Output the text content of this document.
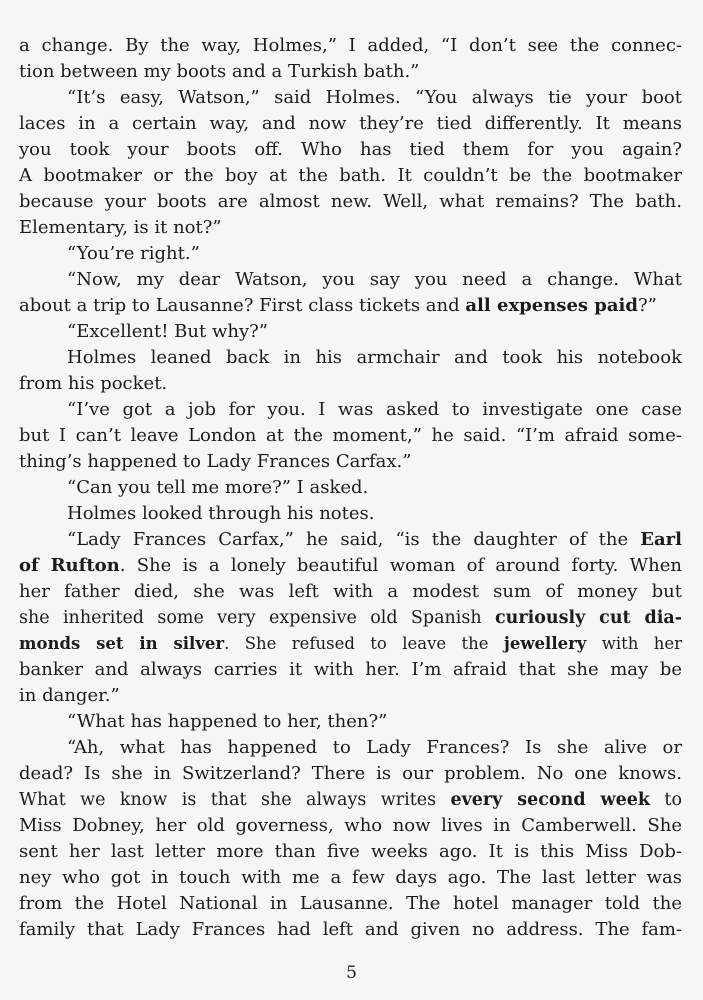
a change. By the way, Holmes,” I added, “I don’t see the connec-
tion between my boots and a Turkish bath.”
“It’s easy, Watson,” said Holmes. “You always tie your boot
laces in a certain way, and now they’re tied differently. It means
you took your boots off. Who has tied them for you again?
A bootmaker or the boy at the bath. It couldn’t be the bootmaker
because your boots are almost new. Well, what remains? The bath.
Elementary, is it not?”
“You’re right.”
“Now, my dear Watson, you say you need a change. What
about a trip to Lausanne? First class tickets and all expenses paid?”
“Excellent! But why?”
Holmes leaned back in his armchair and took his notebook
from his pocket.
“I’ve got a job for you. I was asked to investigate one case
but I can’t leave London at the moment,” he said. “I’m afraid some-
thing’s happened to Lady Frances Carfax.”
“Can you tell me more?” I asked.
Holmes looked through his notes.
“Lady Frances Carfax,” he said, “is the daughter of the Earl
of Rufton. She is a lonely beautiful woman of around forty. When
her father died, she was left with a modest sum of money but
she inherited some very expensive old Spanish curiously cut dia-
monds set in silver. She refused to leave the jewellery with her
banker and always carries it with her. I’m afraid that she may be
in danger.”
“What has happened to her, then?”
“Ah, what has happened to Lady Frances? Is she alive or
dead? Is she in Switzerland? There is our problem. No one knows.
What we know is that she always writes every second week to
Miss Dobney, her old governess, who now lives in Camberwell. She
sent her last letter more than five weeks ago. It is this Miss Dob-
ney who got in touch with me a few days ago. The last letter was
from the Hotel National in Lausanne. The hotel manager told the
family that Lady Frances had left and given no address. The fam-
5
